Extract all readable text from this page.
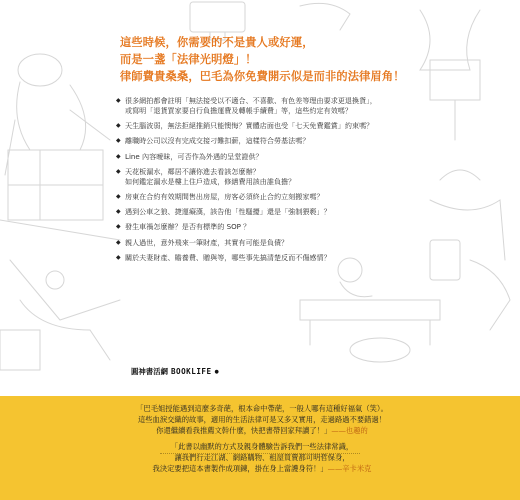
這些時候，你需要的不是貴人或好運，
而是一盞「法律光明燈」！
律師費貴桑桑，巴毛為你免費開示似是而非的法律眉角！
◆ 很多網拍都會註明「無法接受以不適合、不喜歡、有色差等理由要求更退換貨」，
或寫明「退貨買家要自行負擔運費及轉帳手續費」等，這些約定有效嗎？
◆ 天生腦波弱，無法拒絕推銷只能懊悔？實體店面也受「七天免費鑑賞」約束嗎？
◆ 離職時公司以沒有完成交接刁難扣薪，這樣符合勞基法嗎？
◆ Line 內容曖昧，可否作為外遇的呈堂證供？
◆ 天花板漏水，鄰居不讓你進去看該怎麼辦？
如何鑑定漏水是樓上住戶造成，修繕費用該由誰負擔？
◆ 房東在合約有效期間售出房屋，房客必須終止合約立刻搬家嗎？
◆ 遇到公車之狼、捷運癡漢，該告他「性騷擾」還是「強制猥褻」？
◆ 發生車禍怎麼辦？是否有標準的 SOP ？
◆ 親人過世，意外飛來一筆財產，其實有可能是負債？
◆ 關於夫妻財產、贍養費、贈與等，哪些事先搞清楚反而不傷感情？
圓神書活網 BOOKLIFE ●
「巴毛姐授能遇到這麼多奇葩，根本命中帶葩，一般人哪有這種好福氣（笑）。
這些血淚交織的故事，適用的生活法律可是又多又實用，走過路過不要錯過！
你還繼續看我推薦文幹什麼，快把書帶回家拜讀了！」——也趣的
「此書以幽默的方式及親身體驗告訴我們一些法律常識，
讓我們行走江湖、網路購物、租屋買賣都可明哲保身，
我決定要把這本書製作成項鍊，掛在身上當護身符！」——辛卡米克
